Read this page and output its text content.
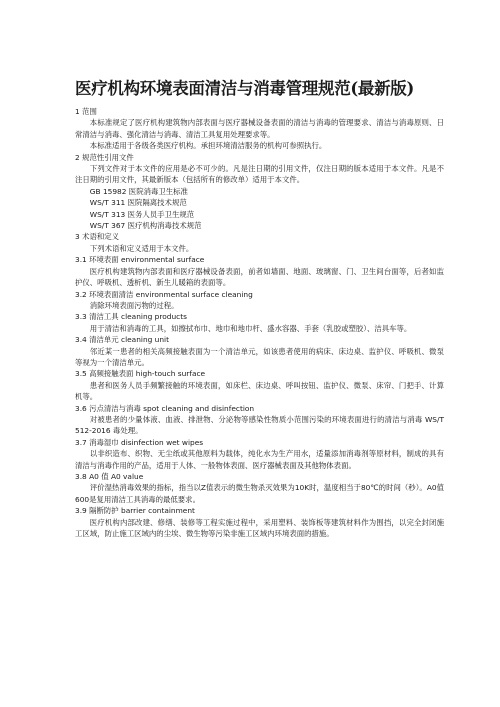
医疗机构环境表面清洁与消毒管理规范(最新版)

1 范围

本标准规定了医疗机构建筑物内部表面与医疗器械设备表面的清洁与消毒的管理要求、清洁与消毒原则、日常清洁与消毒、强化清洁与消毒、清洁工具复用处理要求等。

本标准适用于各级各类医疗机构。承担环境清洁服务的机构可参照执行。

2 规范性引用文件

下列文件对于本文件的应用是必不可少的。凡是注日期的引用文件，仅注日期的版本适用于本文件。凡是不注日期的引用文件，其最新版本（包括所有的修改单）适用于本文件。

GB 15982 医院消毒卫生标准

WS/T 311 医院隔离技术规范

WS/T 313 医务人员手卫生规范

WS/T 367 医疗机构消毒技术规范

3 术语和定义

下列术语和定义适用于本文件。

3.1 环境表面 environmental surface

医疗机构建筑物内部表面和医疗器械设备表面，前者如墙面、地面、玻璃窗、门、卫生间台面等，后者如监护仪、呼吸机、透析机、新生儿暖箱的表面等。

3.2 环境表面清洁 environmental surface cleaning

消除环境表面污物的过程。

3.3 清洁工具 cleaning products

用于清洁和消毒的工具，如擦拭布巾、地巾和地巾杆、盛水容器、手套（乳胶或塑胶）、洁具车等。

3.4 清洁单元 cleaning unit

邻近某一患者的相关高频接触表面为一个清洁单元，如该患者使用的病床、床边桌、监护仪、呼吸机、微泵等视为一个清洁单元。

3.5 高频接触表面 high-touch surface

患者和医务人员手频繁接触的环境表面，如床栏、床边桌、呼叫按钮、监护仪、微泵、床帘、门把手、计算机等。

3.6 污点清洁与消毒 spot cleaning and disinfection

对被患者的少量体液、血液、排泄物、分泌物等感染性物质小范围污染的环境表面进行的清洁与消毒 WS/T 512-2016 毒处理。

3.7 消毒湿巾 disinfection wet wipes

以非织造布、织物、无尘纸或其他原料为载体，纯化水为生产用水，适量添加消毒剂等原材料，制成的具有清洁与消毒作用的产品，适用于人体、一般物体表面、医疗器械表面及其他物体表面。

3.8 A0 值 A0 value

评价湿热消毒效果的指标，指当以Z值表示的微生物杀灭效果为10K时，温度相当于80℃的时间（秒）。A0值600是复用清洁工具消毒的最低要求。

3.9 隔断防护 barrier containment

医疗机构内部改建、修缮、装修等工程实施过程中，采用塑料、装饰板等建筑材料作为围挡，以完全封闭施工区域，防止施工区域内的尘埃、微生物等污染非施工区域内环境表面的措施。
